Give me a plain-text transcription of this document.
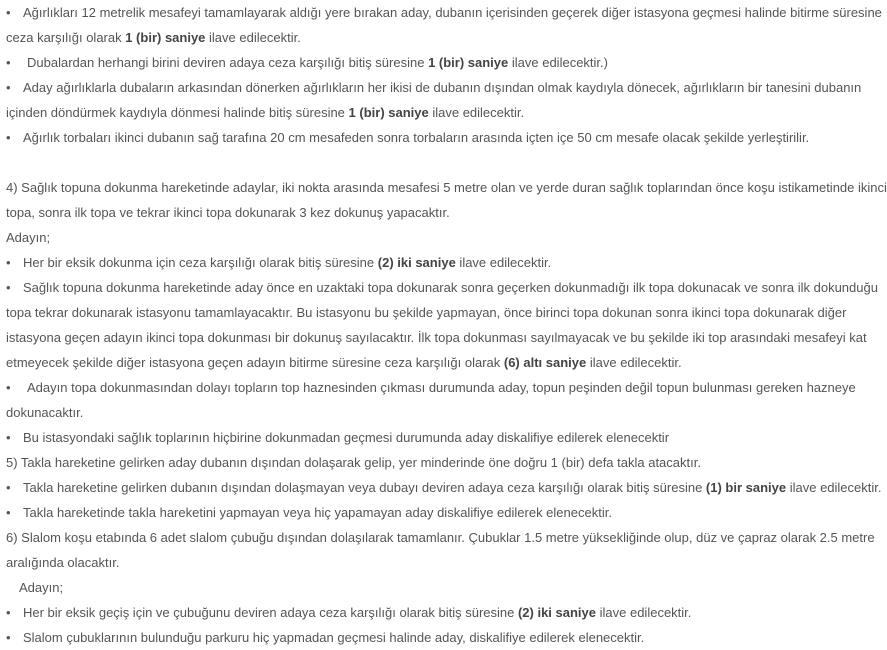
• Ağırlıkları 12 metrelik mesafeyi tamamlayarak aldığı yere bırakan aday, dubanın içerisinden geçerek diğer istasyona geçmesi halinde bitirme süresine
ceza karşılığı olarak 1 (bir) saniye ilave edilecektir.
• Dubalardan herhangi birini deviren adaya ceza karşılığı bitiş süresine 1 (bir) saniye ilave edilecektir.)
• Aday ağırlıklarla dubaların arkasından dönerken ağırlıkların her ikisi de dubanın dışından olmak kaydıyla dönecek, ağırlıkların bir tanesini dubanın
içinden döndürmek kaydıyla dönmesi halinde bitiş süresine 1 (bir) saniye ilave edilecektir.
• Ağırlık torbaları ikinci dubanın sağ tarafına 20 cm mesafeden sonra torbaların arasında içten içe 50 cm mesafe olacak şekilde yerleştirilir.

4) Sağlık topuna dokunma hareketinde adaylar, iki nokta arasında mesafesi 5 metre olan ve yerde duran sağlık toplarından önce koşu istikametinde ikinci
topa, sonra ilk topa ve tekrar ikinci topa dokunarak 3 kez dokunuş yapacaktır.
Adayın;
• Her bir eksik dokunma için ceza karşılığı olarak bitiş süresine (2) iki saniye ilave edilecektir.
• Sağlık topuna dokunma hareketinde aday önce en uzaktaki topa dokunarak sonra geçerken dokunmadığı ilk topa dokunacak ve sonra ilk dokunduğu
topa tekrar dokunarak istasyonu tamamlayacaktır. Bu istasyonu bu şekilde yapmayan, önce birinci topa dokunan sonra ikinci topa dokunarak diğer
istasyona geçen adayın ikinci topa dokunması bir dokunuş sayılacaktır. İlk topa dokunması sayılmayacak ve bu şekilde iki top arasındaki mesafeyi kat
etmeyecek şekilde diğer istasyona geçen adayın bitirme süresine ceza karşılığı olarak (6) altı saniye ilave edilecektir.
• Adayın topa dokunmasından dolayı topların top haznesinden çıkması durumunda aday, topun peşinden değil topun bulunması gereken hazneye
dokunacaktır.
• Bu istasyondaki sağlık toplarının hiçbirine dokunmadan geçmesi durumunda aday diskalifiye edilerek elenecektir
5) Takla hareketine gelirken aday dubanın dışından dolaşarak gelip, yer minderinde öne doğru 1 (bir) defa takla atacaktır.
• Takla hareketine gelirken dubanın dışından dolaşmayan veya dubayı deviren adaya ceza karşılığı olarak bitiş süresine (1) bir saniye ilave edilecektir.
• Takla hareketinde takla hareketini yapmayan veya hiç yapamayan aday diskalifiye edilerek elenecektir.
6) Slalom koşu etabında 6 adet slalom çubuğu dışından dolaşılarak tamamlanır. Çubuklar 1.5 metre yüksekliğinde olup, düz ve çapraz olarak 2.5 metre
aralığında olacaktır.
Adayın;
• Her bir eksik geçiş için ve çubuğunu deviren adaya ceza karşılığı olarak bitiş süresine (2) iki saniye ilave edilecektir.
• Slalom çubuklarının bulunduğu parkuru hiç yapmadan geçmesi halinde aday, diskalifiye edilerek elenecektir.
